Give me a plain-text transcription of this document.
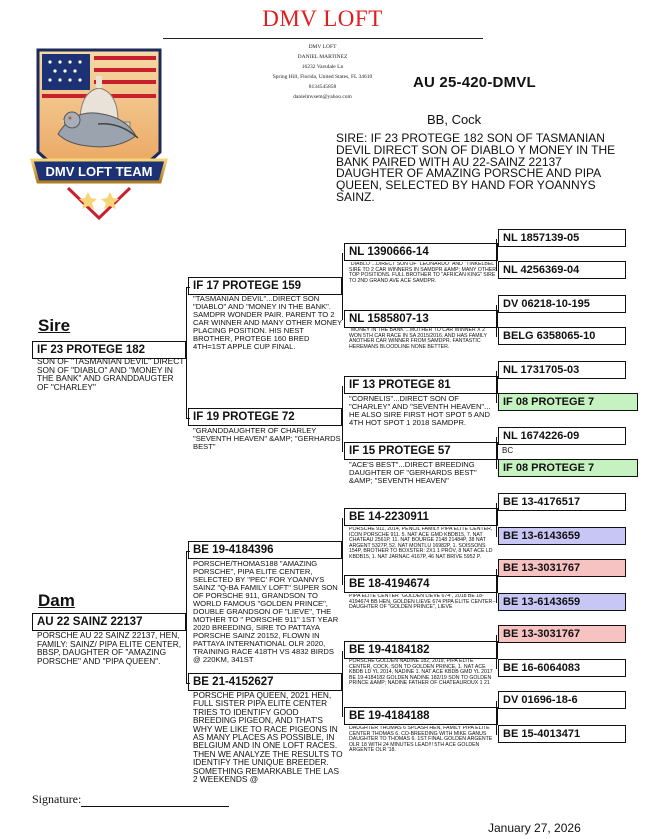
DMV LOFT
DMV LOFT
DANIEL MARTINEZ
16232 Varsdale Ln
Spring Hill, Florida, United States, FL 34610
8134545858
danielmvsem@yahoo.com
DMV LOFT TEAM
AU 25-420-DMVL
BB, Cock
SIRE: IF 23 PROTEGE 182 SON OF TASMANIAN DEVIL DIRECT SON OF DIABLO Y MONEY IN THE BANK PAIRED WITH AU 22-SAINZ 22137 DAUGHTER OF AMAZING PORSCHE AND PIPA QUEEN, SELECTED BY HAND FOR YOANNYS SAINZ.
Sire
IF 23 PROTEGE 182
SON OF "TASMANIAN DEVIL" DIRECT SON OF "DIABLO" AND "MONEY IN THE BANK" AND GRANDDAUGTER OF "CHARLEY"
Dam
AU 22 SAINZ 22137
PORSCHE AU 22 SAINZ 22137, HEN, FAMILY: SAINZ/ PIPA ELITE CENTER, BBSP, DAUGHTER OF "AMAZING PORSCHE" AND "PIPA QUEEN".
IF 17 PROTEGE 159
"TASMANIAN DEVIL"...DIRECT SON "DIABLO" AND "MONEY IN THE BANK". SAMDPR WONDER PAIR. PARENT TO 2 CAR WINNER AND MANY OTHER MONEY PLACING POSITION. HIS NEST BROTHER, PROTEGE 160 BRED 4TH=1ST APPLE CUP FINAL.
IF 19 PROTEGE 72
"GRANDDAUGHTER OF CHARLEY "SEVENTH HEAVEN" &AMP; "GERHARDS BEST"
BE 19-4184396
PORSCHE/THOMAS188 "AMAZING PORSCHE", PIPA ELITE CENTER, SELECTED BY "PEC' FOR YOANNYS SAINZ "Q-BA FAMILY LOFT" SUPER SON OF PORSCHE 911, GRANDSON TO WORLD FAMOUS "GOLDEN PRINCE", DOUBLE GRANDSON OF "LIEVE", THE MOTHER TO " PORSCHE 911" 1ST YEAR 2020 BREEDING, SIRE TO PATTAYA PORSCHE SAINZ 20152, FLOWN IN PATTAYA INTERNATIONAL OLR 2020, TRAINING RACE 418TH VS 4832 BIRDS @ 220KM, 341ST
BE 21-4152627
PORSCHE PIPA QUEEN, 2021 HEN, FULL SISTER PIPA ELITE CENTER TRIES TO IDENTIFY GOOD BREEDING PIGEON, AND THAT'S WHY WE LIKE TO RACE PIGEONS IN AS MANY PLACES AS POSSIBLE, IN BELGIUM AND IN ONE LOFT RACES. THEN WE ANALYZE THE RESULTS TO IDENTIFY THE UNIQUE BREEDER. SOMETHING REMARKABLE THE LAS 2 WEEKENDS @
NL 1390666-14
"DIABLO"...DIRECT SON OF "LEONARDO" AND "TINKELBEL" SIRE TO 2 CAR WINNERS IN SAMDPR &AMP; MANY OTHER TOP POSITIONS. FULL BROTHER TO "AFRICAN KING" SIRE TO 2ND GRAND AVE ACE SAMDPR.
NL 1585807-13
"MONEY IN THE BANK"...MOTHER TO CAR WINNER X 2 WON 5TH CAR RACE IN SA 2015/2016. AND HAS FAMILY ANOTHER CAR WINNER FROM SAMDPR. FANTASTIC HEREMANS BLOODLINE NONE BETTER.
IF 13 PROTEGE 81
"CORNELIS"...DIRECT SON OF "CHARLEY" AND "SEVENTH HEAVEN"... HE ALSO SIRE FIRST HOT SPOT 5 AND 4TH HOT SPOT 1 2018 SAMDPR.
IF 15 PROTEGE 57
"ACE'S BEST"...DIRECT BREEDING DAUGHTER OF "GERHARDS BEST" &AMP; "SEVENTH HEAVEN"
BE 14-2230911
PORSCHE 911, 2014, PENCIL FAMILY PIPA ELITE CENTER, ICON PORSCHE 911. 5. NAT ACE GMD KBDB15, 7. NAT CHATEAU 2561P, 11. NAT BOURGE 2148 21484P, 38 NAT ARGENT 5327P, 52. NAT MONTLU 16982P, 1. SOISSONS 154P, BROTHER TO BOXSTER: 2X1 1 PROV, 8 NAT ACE LD KBDB15, 1. NAT JARNAC 4167P, 46 NAT BRIVE 5952 P.
BE 18-4194674
PIPA ELITE CENTER "GOLDEN LIEVE 674", 2018 BE 18-4194674 BB HEN, GOLDEN LIEVE 674 PIPA ELITE CENTER-- DAUGHTER OF "GOLDEN PRINCE", LIEVE
BE 19-4184182
PORSCHE GOLDEN NADINE 182, 2019, PIPA ELITE CENTER, COCK, SON TO GOLDEN PRINCE, 1. NAT ACE KBDB LD YL 2014, NADINE 1. NAT ACE KBDB GMD YL 2017 BE 19-4184182 GOLDEN NADINE 182/19 SON TO GOLDEN PRINCE &AMP; NADINE FATHER OF CHATEAUROUX 1 21
BE 19-4184188
DAUGHTER THOMAS 6 SPLASH HEN, FAMILY PIPA ELITE CENTER THOMAS 6. CO-BREEDING WITH MIKE GANUS DAUGHTER TO THOMAS 6. 1ST FINAL GOLDEN ARGENTE OLR 18 WITH 24 MINUTES LEAD!!! 5TH ACE GOLDEN ARGENTE OLR '18.
NL 1857139-05
NL 4256369-04
DV 06218-10-195
BELG 6358065-10
NL 1731705-03
IF 08 PROTEGE 7
NL 1674226-09
IF 08 PROTEGE 7
BE 13-4176517
BE 13-6143659
BE 13-3031767
BE 13-6143659
BE 13-3031767
BE 16-6064083
DV 01696-18-6
BE 15-4013471
BC
Signature:
January 27, 2026
